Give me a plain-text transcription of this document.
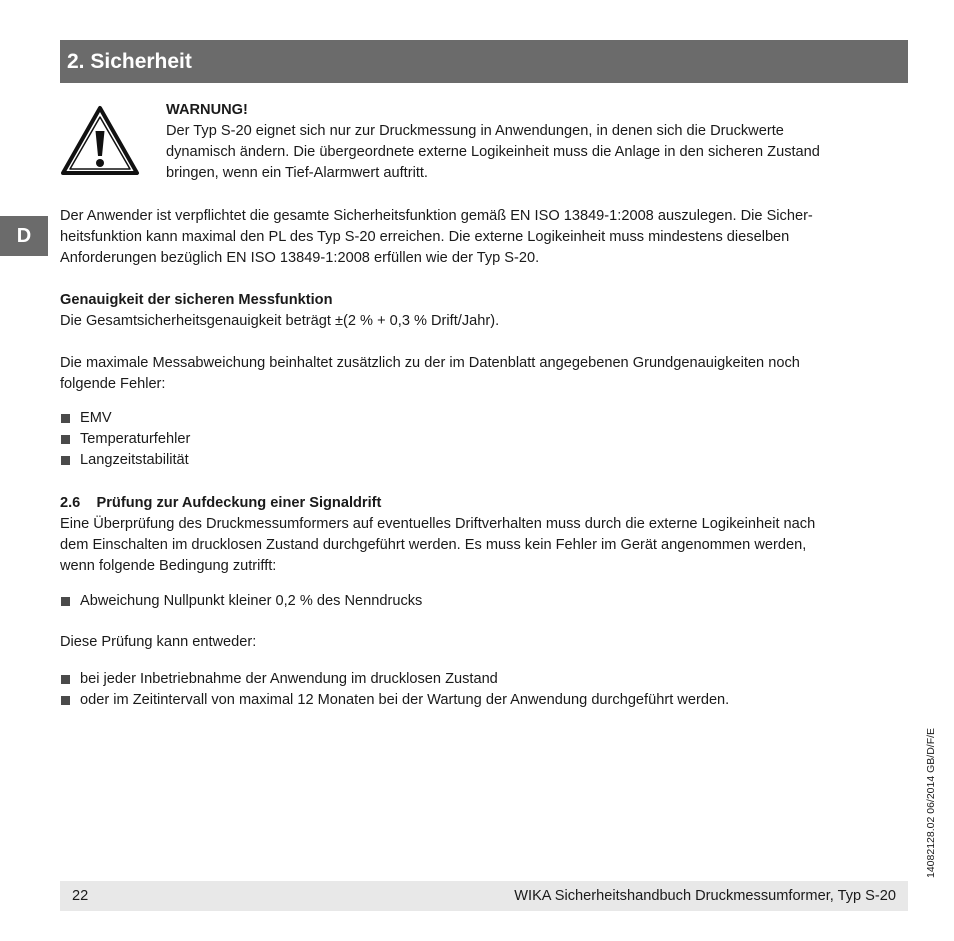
2. Sicherheit
D
WARNUNG!
Der Typ S-20 eignet sich nur zur Druckmessung in Anwendungen, in denen sich die Druckwerte
dynamisch ändern. Die übergeordnete externe Logikeinheit muss die Anlage in den sicheren Zustand
bringen, wenn ein Tief-Alarmwert auftritt.
Der Anwender ist verpflichtet die gesamte Sicherheitsfunktion gemäß EN ISO 13849-1:2008 auszulegen. Die Sicher-
heitsfunktion kann maximal den PL des Typ S-20 erreichen. Die externe Logikeinheit muss mindestens dieselben
Anforderungen bezüglich EN ISO 13849-1:2008 erfüllen wie der Typ S-20.
Genauigkeit der sicheren Messfunktion
Die Gesamtsicherheitsgenauigkeit beträgt ±(2 % + 0,3 % Drift/Jahr).
Die maximale Messabweichung beinhaltet zusätzlich zu der im Datenblatt angegebenen Grundgenauigkeiten noch
folgende Fehler:
EMV
Temperaturfehler
Langzeitstabilität
2.6    Prüfung zur Aufdeckung einer Signaldrift
Eine Überprüfung des Druckmessumformers auf eventuelles Driftverhalten muss durch die externe Logikeinheit nach
dem Einschalten im drucklosen Zustand durchgeführt werden. Es muss kein Fehler im Gerät angenommen werden,
wenn folgende Bedingung zutrifft:
Abweichung Nullpunkt kleiner 0,2 % des Nenndrucks
Diese Prüfung kann entweder:
bei jeder Inbetriebnahme der Anwendung im drucklosen Zustand
oder im Zeitintervall von maximal 12 Monaten bei der Wartung der Anwendung durchgeführt werden.
14082128.02 06/2014 GB/D/F/E
22	WIKA Sicherheitshandbuch Druckmessumformer, Typ S-20
